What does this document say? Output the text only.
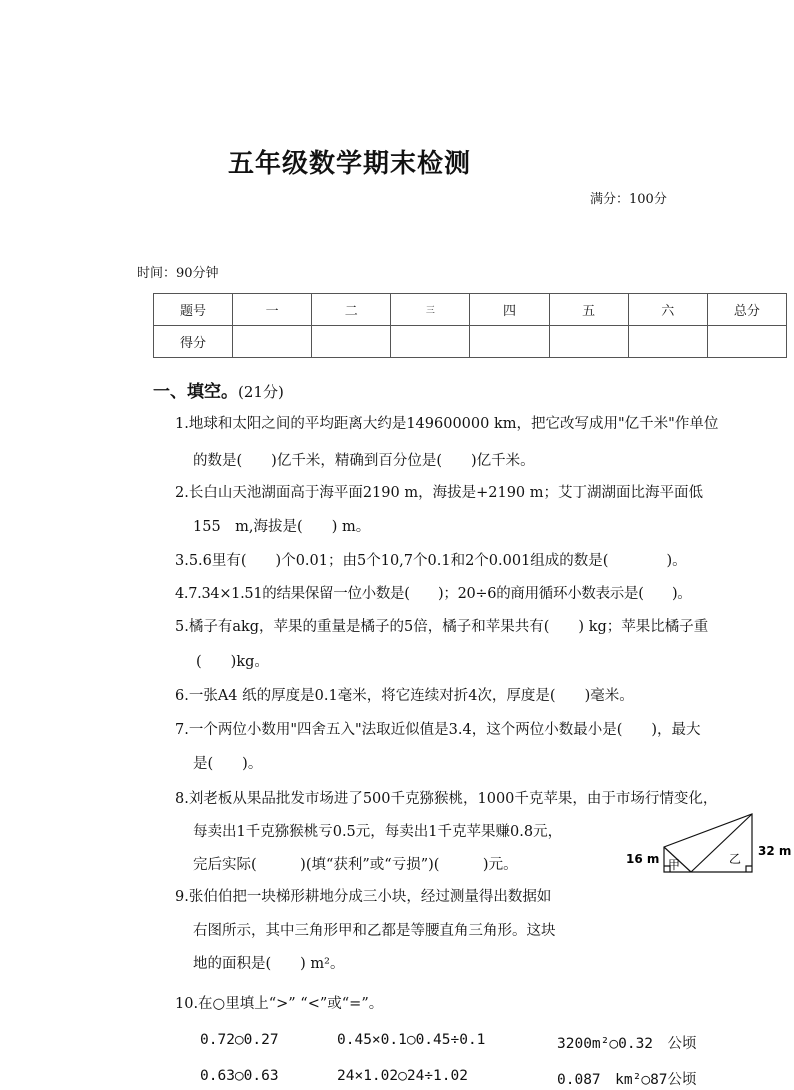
五年级数学期末检测
满分：100分
时间：90分钟
题号	一	二	三	四	五	六	总分
得分							
一、填空。(21分)
1.地球和太阳之间的平均距离大约是149600000 km，把它改写成用"亿千米"作单位
的数是(　　)亿千米，精确到百分位是(　　)亿千米。
2.长白山天池湖面高于海平面2190 m，海拔是+2190 m；艾丁湖湖面比海平面低
155　m,海拔是(　　) m。
3.5.6里有(　　)个0.01；由5个10,7个0.1和2个0.001组成的数是(　　　　)。
4.7.34×1.51的结果保留一位小数是(　　)；20÷6的商用循环小数表示是(　　)。
5.橘子有akg，苹果的重量是橘子的5倍，橘子和苹果共有(　　) kg；苹果比橘子重
(　　)kg。
6.一张A4 纸的厚度是0.1毫米，将它连续对折4次，厚度是(　　)毫米。
7.一个两位小数用"四舍五入"法取近似值是3.4，这个两位小数最小是(　　)，最大
是(　　)。
8.刘老板从果品批发市场进了500千克猕猴桃，1000千克苹果，由于市场行情变化，
每卖出1千克猕猴桃亏0.5元，每卖出1千克苹果赚0.8元，
完后实际(　　　)(填“获利”或“亏损”)(　　　)元。
9.张伯伯把一块梯形耕地分成三小块，经过测量得出数据如
右图所示，其中三角形甲和乙都是等腰直角三角形。这块
地的面积是(　　) m²。
10.在○里填上“>” “<”或“=”。
0.72○0.27	0.45×0.1○0.45÷0.1	3200m²○0.32　公顷
0.63○0.63	24×1.02○24÷1.02	0.087　km²○87公顷
16 m
32 m
甲	乙
